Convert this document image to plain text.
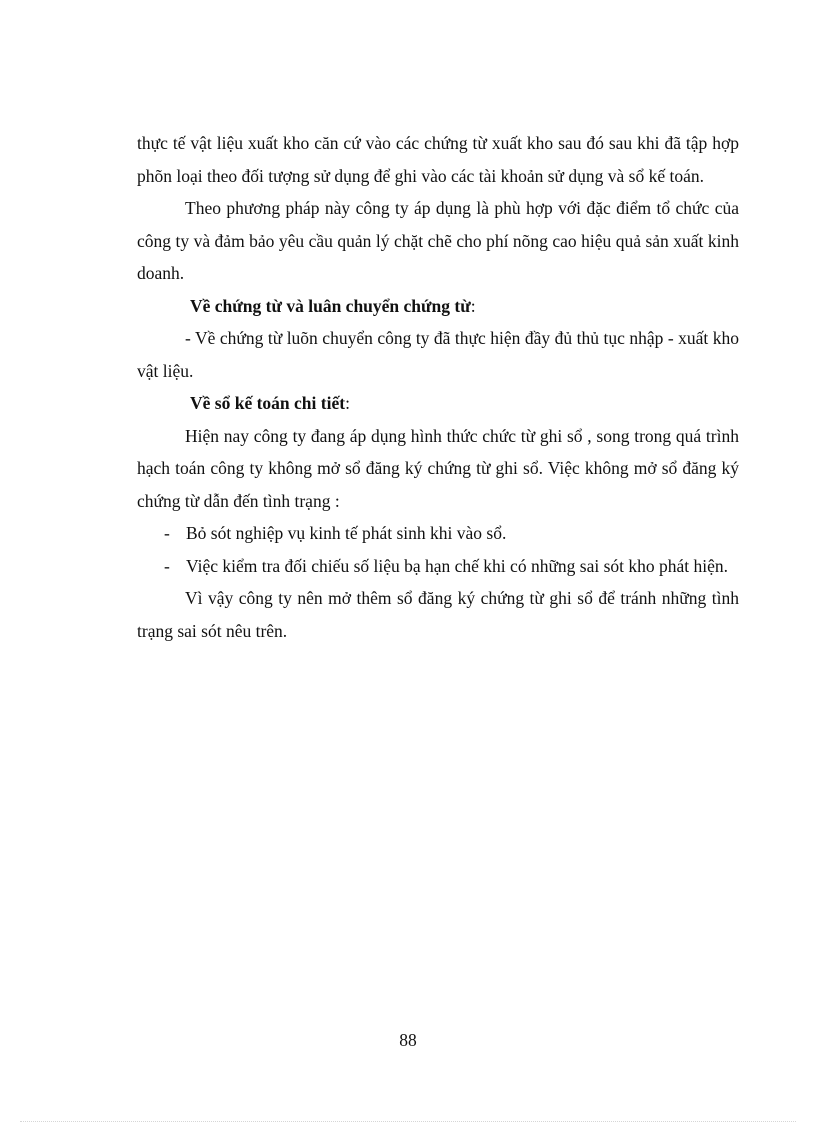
thực tế vật liệu xuất kho căn cứ vào các chứng từ xuất kho sau đó sau khi đã tập hợp phõn loại theo đối tượng sử dụng để ghi vào các tài khoản sử dụng và sổ kế toán.

Theo phương pháp này công ty áp dụng là phù hợp với đặc điểm tổ chức của công ty và đảm bảo yêu cầu quản lý chặt chẽ cho phí nõng cao hiệu quả sản xuất kinh doanh.

Về chứng từ và luân chuyển chứng từ:

- Về chứng từ luõn chuyển công ty đã thực hiện đầy đủ thủ tục nhập - xuất kho vật liệu.

Về sổ kế toán chi tiết:

Hiện nay công ty đang áp dụng hình thức chức từ ghi sổ , song trong quá trình hạch toán công ty không mở sổ đăng ký chứng từ ghi sổ. Việc không mở sổ đăng ký chứng từ dẫn đến tình trạng :

- Bỏ sót nghiệp vụ kinh tế phát sinh khi vào sổ.

- Việc kiểm tra đối chiếu số liệu bạ hạn chế khi có những sai sót kho phát hiện.

Vì vậy công ty nên mở thêm sổ đăng ký chứng từ ghi sổ để tránh những tình trạng sai sót nêu trên.

88
